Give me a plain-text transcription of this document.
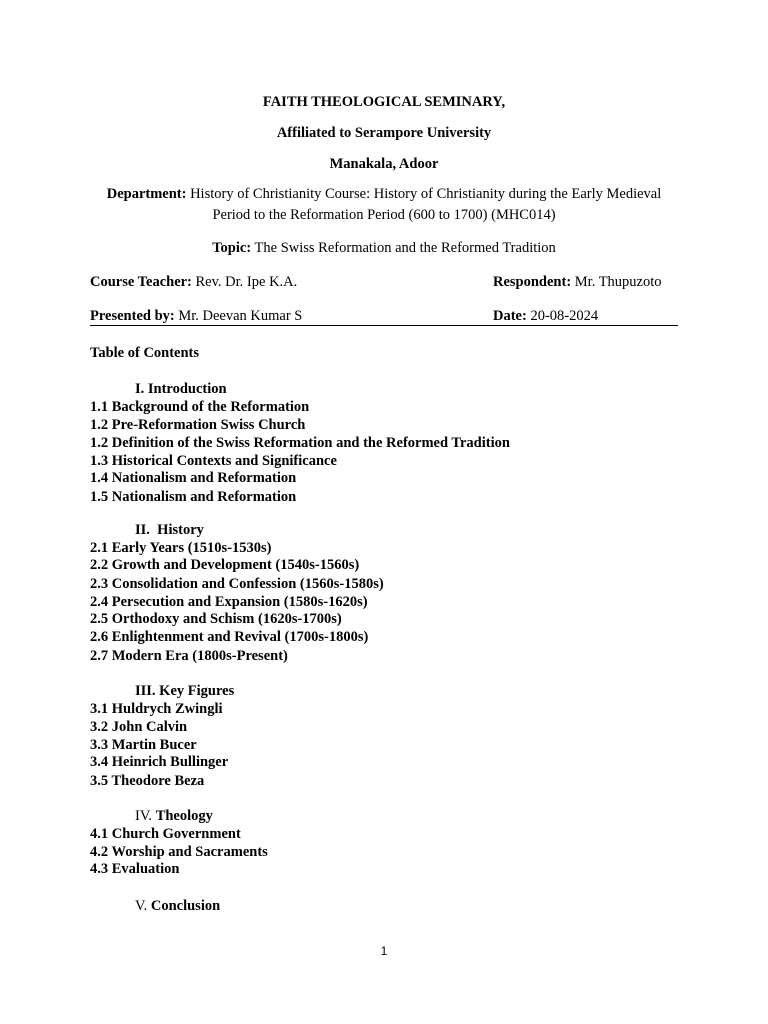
FAITH THEOLOGICAL SEMINARY,
Affiliated to Serampore University
Manakala, Adoor
Department: History of Christianity Course: History of Christianity during the Early Medieval
Period to the Reformation Period (600 to 1700) (MHC014)
Topic: The Swiss Reformation and the Reformed Tradition
Course Teacher: Rev. Dr. Ipe K.A.	Respondent: Mr. Thupuzoto
Presented by: Mr. Deevan Kumar S	Date: 20-08-2024
Table of Contents
I. Introduction
1.1 Background of the Reformation
1.2 Pre-Reformation Swiss Church
1.2 Definition of the Swiss Reformation and the Reformed Tradition
1.3 Historical Contexts and Significance
1.4 Nationalism and Reformation
1.5 Nationalism and Reformation
II.  History
2.1 Early Years (1510s-1530s)
2.2 Growth and Development (1540s-1560s)
2.3 Consolidation and Confession (1560s-1580s)
2.4 Persecution and Expansion (1580s-1620s)
2.5 Orthodoxy and Schism (1620s-1700s)
2.6 Enlightenment and Revival (1700s-1800s)
2.7 Modern Era (1800s-Present)
III. Key Figures
3.1 Huldrych Zwingli
3.2 John Calvin
3.3 Martin Bucer
3.4 Heinrich Bullinger
3.5 Theodore Beza
IV. Theology
4.1 Church Government
4.2 Worship and Sacraments
4.3 Evaluation
V. Conclusion
1
